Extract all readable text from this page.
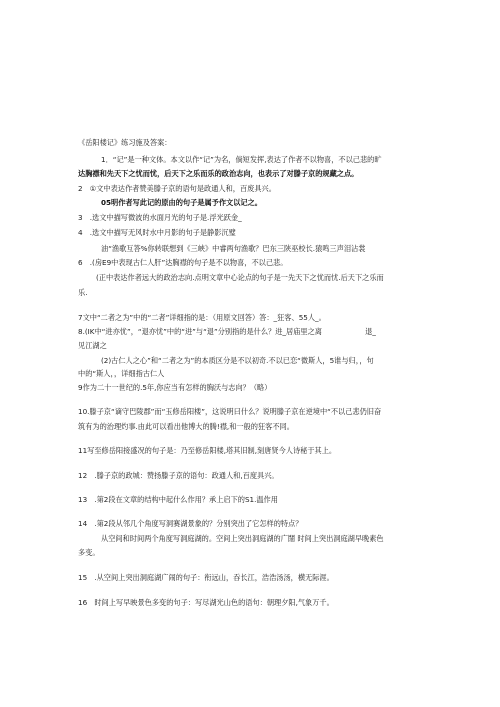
《岳阳楼记》练习施及答案：
1．“记”是一种文体。本文以作“记”为名，倘短发挥,表达了作者不以物喜，不以己悲的旷
达胸襟和先天下之忧而忧，后天下之乐而乐的政治志向，也表示了对滕子京的规藏之点。
2　①文中表达作者赞美滕子京的语句是政通人和，百废具兴。
05明作者写此记的原由的句子是属予作文以记之。
3　.选文中描写微波的水面月光的句子是.浮光跃金_
4　.选文中描写无风时水中月影的句子是静影沉璧
油“渔歌互答%你转联想到《三峡》中睿两句渔歌？巴东三陕巫校长.猿鸣三声泪沾裳
6　.(房E9中表现古仁人肝”达胸襟的句子是不以物喜，不以己悲。
(正中表达作者远大的政治志向.点明文章中心论点的句子是一先天下之忧而忧.后天下之乐而
乐.
7文中“二者之为”中的“二者”详细指的是：（用原文回答）答：_狂客、55人_。
8.(IK中“进亦忧”，“退亦忧”中的“进”与“退”分别指的是什么？进_居庙里之离　　　　　　退_
见江湖之
(2)古仁人之心”和“二者之为”的本质区分是不以初奇.不以已恋“微斯人，5谁与归，，句
中的“斯人，，详细指古仁人
9作为二十一世纪的.5年,你应当有怎样的胸沃与志向？（略）
10.滕子京“谪守巴陵郡”而“玉修岳阳楼”，这说明曰什么？说明滕子京在逆境中“不以己悲仍旧奋
筑有为的治理灼事.由此可以看出他博大的腾!襟,和一般的狂客不同。
11写至修岳阳接盛况的句子是：乃至修岳阳楼,塔其旧制,刻唐贤今人诗秘于其上。
12　.滕子京的政城：赞扬滕子京的语句：政通人和,百度具兴。
13　.第2段在文章的结构中起什么作用？承上启下的S1.温作用
14　.第2段从邻几个角度写洞赛湖景象的？分别突出了它怎样的特点？
从空间和时间两个角度写洞庭湖的。空间上突出洞庭湖的广闊 时间上突出洞庭湖早晚素色
多变。
15　.从空间上突出洞庭湖广闹的句子：衔远山，吞长江，浩浩汤汤，横无际涯。
16　时间上写早映景色多变的句子：写尽湖光山色的语句：朝理夕阳,气象万千。
